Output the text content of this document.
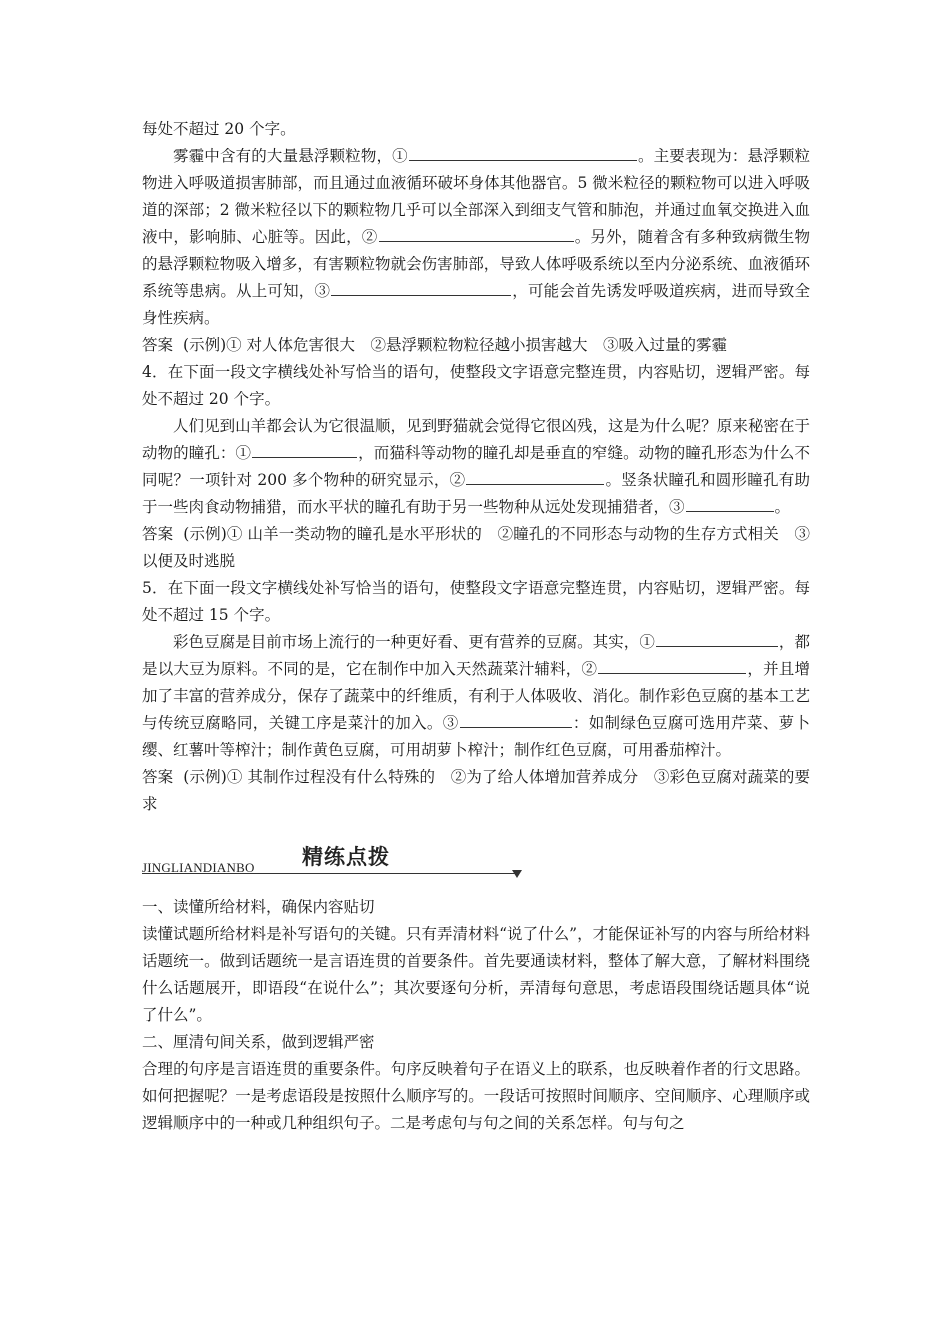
每处不超过 20 个字。

雾霾中含有的大量悬浮颗粒物，①	。主要表现为：悬浮颗粒物进入呼吸道损害肺部，而且通过血液循环破坏身体其他器官。5 微米粒径的颗粒物可以进入呼吸道的深部；2 微米粒径以下的颗粒物几乎可以全部深入到细支气管和肺泡，并通过血氧交换进入血液中，影响肺、心脏等。因此，②	。另外，随着含有多种致病微生物的悬浮颗粒物吸入增多，有害颗粒物就会伤害肺部，导致人体呼吸系统以至内分泌系统、血液循环系统等患病。从上可知，③	，可能会首先诱发呼吸道疾病，进而导致全身性疾病。

答案 (示例)① 对人体危害很大　②悬浮颗粒物粒径越小损害越大　③吸入过量的雾霾

4．在下面一段文字横线处补写恰当的语句，使整段文字语意完整连贯，内容贴切，逻辑严密。每处不超过 20 个字。

人们见到山羊都会认为它很温顺，见到野猫就会觉得它很凶残，这是为什么呢？原来秘密在于动物的瞳孔：①	，而猫科等动物的瞳孔却是垂直的窄缝。动物的瞳孔形态为什么不同呢？一项针对 200 多个物种的研究显示，②	。竖条状瞳孔和圆形瞳孔有助于一些肉食动物捕猎，而水平状的瞳孔有助于另一些物种从远处发现捕猎者，③	。

答案 (示例)① 山羊一类动物的瞳孔是水平形状的　②瞳孔的不同形态与动物的生存方式相关　③以便及时逃脱

5．在下面一段文字横线处补写恰当的语句，使整段文字语意完整连贯，内容贴切，逻辑严密。每处不超过 15 个字。

彩色豆腐是目前市场上流行的一种更好看、更有营养的豆腐。其实，①	，都是以大豆为原料。不同的是，它在制作中加入天然蔬菜汁辅料，②	，并且增加了丰富的营养成分，保存了蔬菜中的纤维质，有利于人体吸收、消化。制作彩色豆腐的基本工艺与传统豆腐略同，关键工序是菜汁的加入。③	：如制绿色豆腐可选用芹菜、萝卜缨、红薯叶等榨汁；制作黄色豆腐，可用胡萝卜榨汁；制作红色豆腐，可用番茄榨汁。

答案 (示例)① 其制作过程没有什么特殊的　②为了给人体增加营养成分　③彩色豆腐对蔬菜的要求

JINGLIANDIANBO 精练点拨

一、读懂所给材料，确保内容贴切

读懂试题所给材料是补写语句的关键。只有弄清材料“说了什么”，才能保证补写的内容与所给材料话题统一。做到话题统一是言语连贯的首要条件。首先要通读材料，整体了解大意，了解材料围绕什么话题展开，即语段“在说什么”；其次要逐句分析，弄清每句意思，考虑语段围绕话题具体“说了什么”。

二、厘清句间关系，做到逻辑严密

合理的句序是言语连贯的重要条件。句序反映着句子在语义上的联系，也反映着作者的行文思路。如何把握呢？一是考虑语段是按照什么顺序写的。一段话可按照时间顺序、空间顺序、心理顺序或逻辑顺序中的一种或几种组织句子。二是考虑句与句之间的关系怎样。句与句之
